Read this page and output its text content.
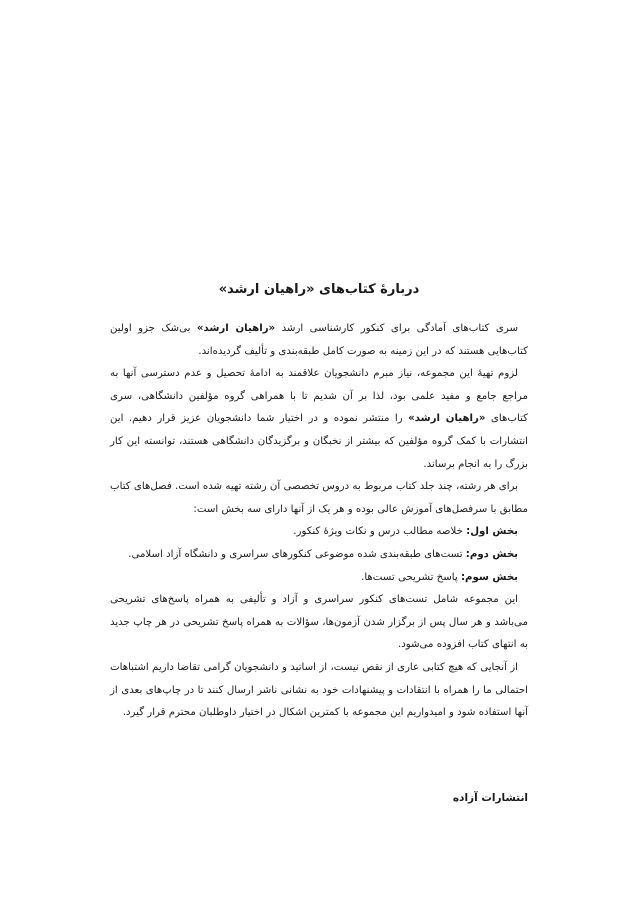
دربارهٔ کتاب‌های «راهیان ارشد»

سری کتاب‌های آمادگی برای کنکور کارشناسی ارشد «راهیان ارشد» بی‌شک جزو اولین کتاب‌هایی هستند که در این زمینه به صورت کامل طبقه‌بندی و تألیف گردیده‌اند.

لزوم تهیهٔ این مجموعه، نیاز مبرم دانشجویان علاقمند به ادامهٔ تحصیل و عدم دسترسی آنها به مراجع جامع و مفید علمی بود، لذا بر آن شدیم تا با همراهی گروه مؤلفین دانشگاهی، سری کتاب‌های «راهیان ارشد» را منتشر نموده و در اختیار شما دانشجویان عزیز قرار دهیم. این انتشارات با کمک گروه مؤلفین که بیشتر از نخبگان و برگزیدگان دانشگاهی هستند، توانسته این کار بزرگ را به انجام برساند.

برای هر رشته، چند جلد کتاب مربوط به دروس تخصصی آن رشته تهیه شده است. فصل‌های کتاب مطابق با سرفصل‌های آموزش عالی بوده و هر یک از آنها دارای سه بخش است:

بخش اول: خلاصه مطالب درس و نکات ویژهٔ کنکور.

بخش دوم: تست‌های طبقه‌بندی شده موضوعی کنکورهای سراسری و دانشگاه آزاد اسلامی.

بخش سوم: پاسخ تشریحی تست‌ها.

این مجموعه شامل تست‌های کنکور سراسری و آزاد و تألیفی به همراه پاسخ‌های تشریحی می‌باشد و هر سال پس از برگزار شدن آزمون‌ها، سؤالات به همراه پاسخ تشریحی در هر چاپ جدید به انتهای کتاب افزوده می‌شود.

از آنجایی که هیچ کتابی عاری از نقص نیست، از اساتید و دانشجویان گرامی تقاضا داریم اشتباهات احتمالی ما را همراه با انتقادات و پیشنهادات خود به نشانی ناشر ارسال کنند تا در چاپ‌های بعدی از آنها استفاده شود و امیدواریم این مجموعه با کمترین اشکال در اختیار داوطلبان محترم قرار گیرد.

انتشارات آزاده
